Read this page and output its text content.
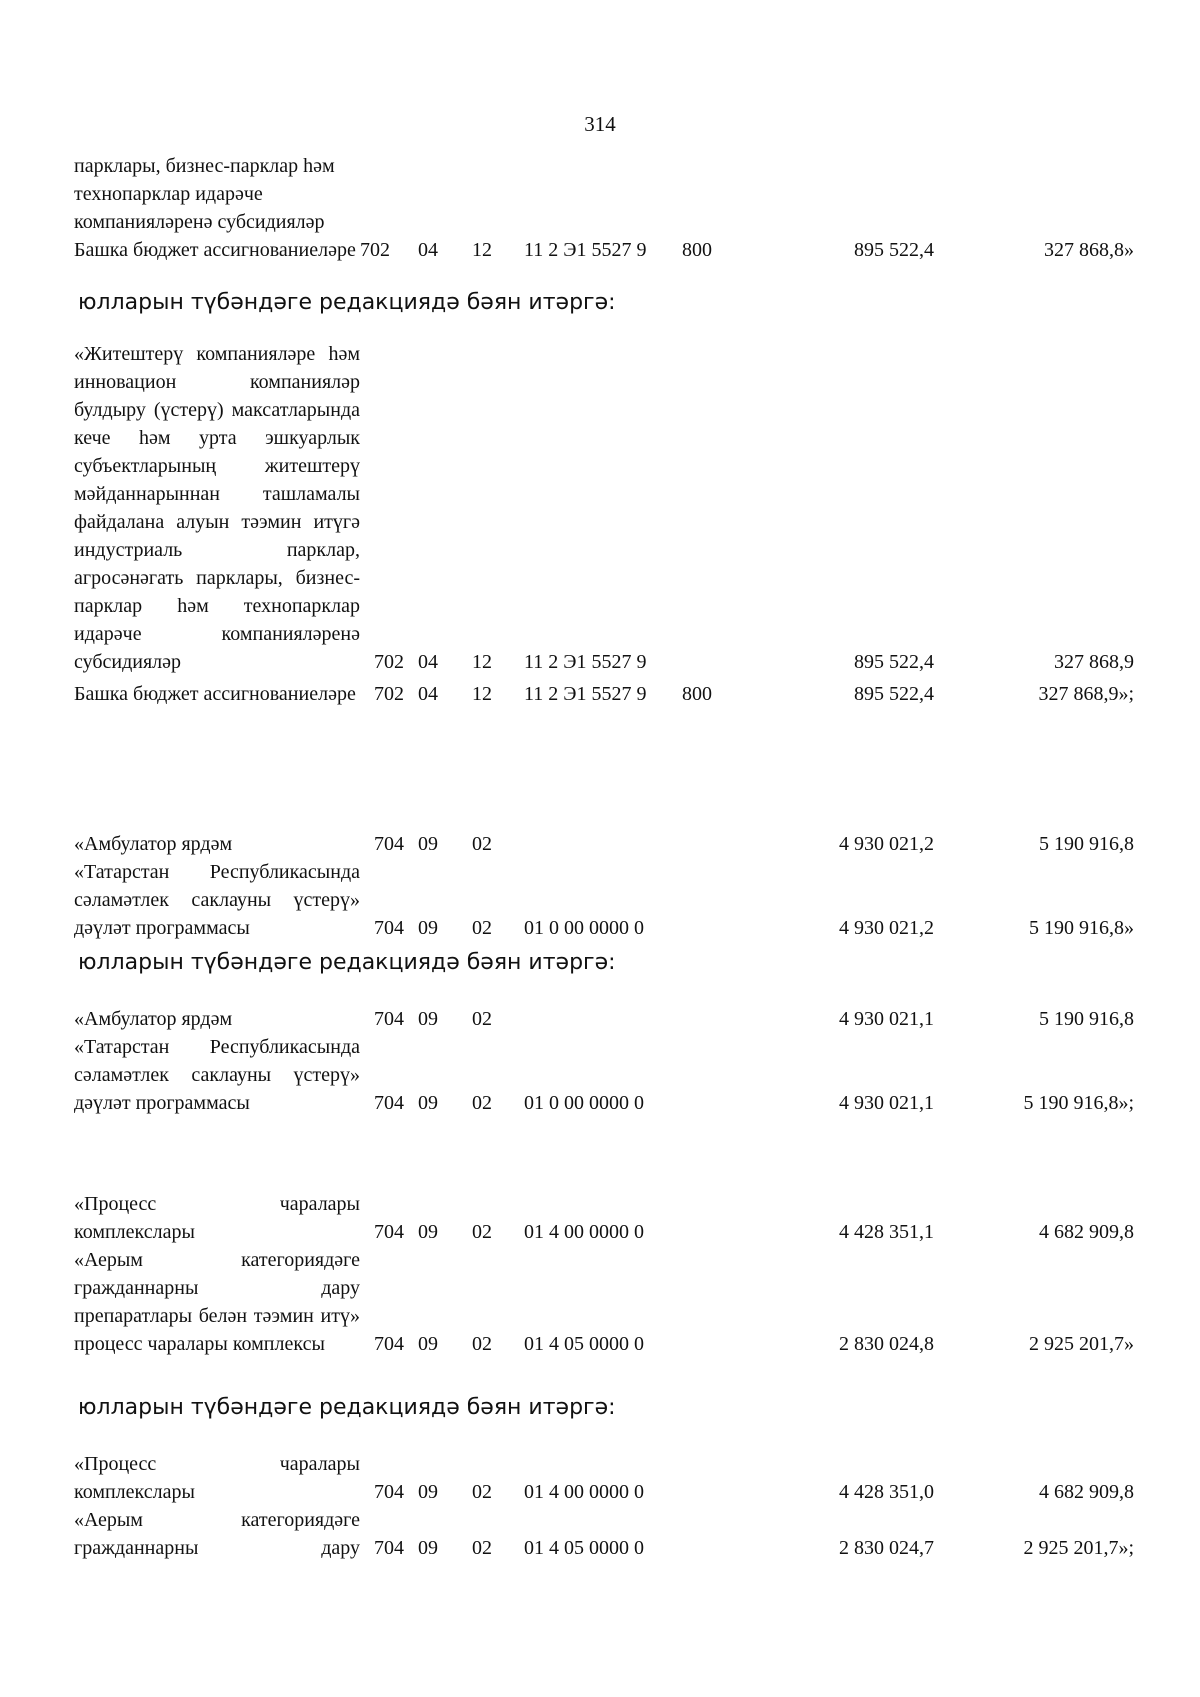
314
парклары, бизнес-парклар һәм технопарклар идарәче компанияләренә субсидияләр							
Башка бюджет ассигнованиеләре	702	04	12	11 2 Э1 5527 9	800	895 522,4	327 868,8»
юлларын түбәндәге редакциядә бәян итәргә:
«Житештерү компанияләре һәм инновацион компанияләр булдыру (үстерү) максатларында кече һәм урта эшкуарлык субъектларының житештерү мәйданнарыннан ташламалы файдалана алуын тәэмин итүгә индустриаль парклар, агросәнәгать парклары, бизнес-парклар һәм технопарклар идарәче компанияләренә субсидияләр	702	04	12	11 2 Э1 5527 9		895 522,4	327 868,9
Башка бюджет ассигнованиеләре	702	04	12	11 2 Э1 5527 9	800	895 522,4	327 868,9»;
«Амбулатор ярдәм	704	09	02			4 930 021,2	5 190 916,8
«Татарстан Республикасында сәламәтлек саклауны үстерү» дәүләт программасы	704	09	02	01 0 00 0000 0		4 930 021,2	5 190 916,8»
юлларын түбәндәге редакциядә бәян итәргә:
«Амбулатор ярдәм	704	09	02			4 930 021,1	5 190 916,8
«Татарстан Республикасында сәламәтлек саклауны үстерү» дәүләт программасы	704	09	02	01 0 00 0000 0		4 930 021,1	5 190 916,8»;
«Процесс чаралары комплекслары	704	09	02	01 4 00 0000 0		4 428 351,1	4 682 909,8
«Аерым категориядәге гражданнарны дару препаратлары белән тәэмин итү» процесс чаралары комплексы	704	09	02	01 4 05 0000 0		2 830 024,8	2 925 201,7»
юлларын түбәндәге редакциядә бәян итәргә:
«Процесс чаралары комплекслары	704	09	02	01 4 00 0000 0		4 428 351,0	4 682 909,8
«Аерым категориядәге гражданнарны дару	704	09	02	01 4 05 0000 0		2 830 024,7	2 925 201,7»;
